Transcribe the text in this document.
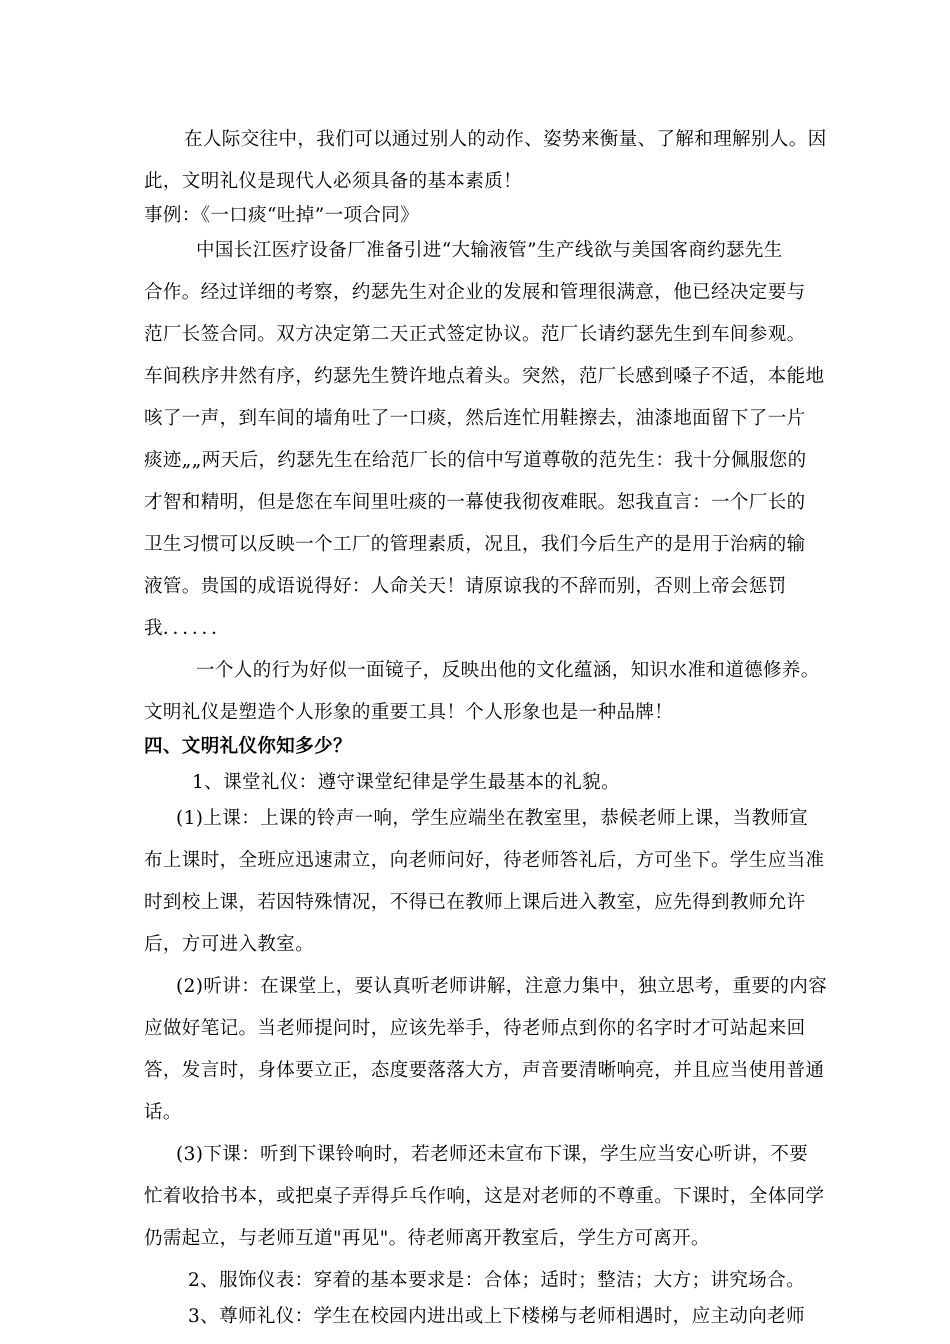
在人际交往中，我们可以通过别人的动作、姿势来衡量、了解和理解别人。因
此，文明礼仪是现代人必须具备的基本素质！
事例：《一口痰“吐掉”一项合同》
中国长江医疗设备厂准备引进“大输液管”生产线欲与美国客商约瑟先生
合作。经过详细的考察，约瑟先生对企业的发展和管理很满意，他已经决定要与
范厂长签合同。双方决定第二天正式签定协议。范厂长请约瑟先生到车间参观。
车间秩序井然有序，约瑟先生赞许地点着头。突然，范厂长感到嗓子不适，本能地
咳了一声，到车间的墙角吐了一口痰，然后连忙用鞋擦去，油漆地面留下了一片
痰迹„„两天后，约瑟先生在给范厂长的信中写道尊敬的范先生：我十分佩服您的
才智和精明，但是您在车间里吐痰的一幕使我彻夜难眠。恕我直言：一个厂长的
卫生习惯可以反映一个工厂的管理素质，况且，我们今后生产的是用于治病的输
液管。贵国的成语说得好：人命关天！请原谅我的不辞而别，否则上帝会惩罚
我．．．．．．
一个人的行为好似一面镜子，反映出他的文化蕴涵，知识水准和道德修养。
文明礼仪是塑造个人形象的重要工具！个人形象也是一种品牌！
四、文明礼仪你知多少？
1、课堂礼仪：遵守课堂纪律是学生最基本的礼貌。
(1)上课：上课的铃声一响，学生应端坐在教室里，恭候老师上课，当教师宣
布上课时，全班应迅速肃立，向老师问好，待老师答礼后，方可坐下。学生应当准
时到校上课，若因特殊情况，不得已在教师上课后进入教室，应先得到教师允许
后，方可进入教室。
(2)听讲：在课堂上，要认真听老师讲解，注意力集中，独立思考，重要的内容
应做好笔记。当老师提问时，应该先举手，待老师点到你的名字时才可站起来回
答，发言时，身体要立正，态度要落落大方，声音要清晰响亮，并且应当使用普通
话。
(3)下课：听到下课铃响时，若老师还未宣布下课，学生应当安心听讲，不要
忙着收拾书本，或把桌子弄得乒乓作响，这是对老师的不尊重。下课时，全体同学
仍需起立，与老师互道"再见"。待老师离开教室后，学生方可离开。
2、服饰仪表：穿着的基本要求是：合体；适时；整洁；大方；讲究场合。
3、尊师礼仪：学生在校园内进出或上下楼梯与老师相遇时，应主动向老师
